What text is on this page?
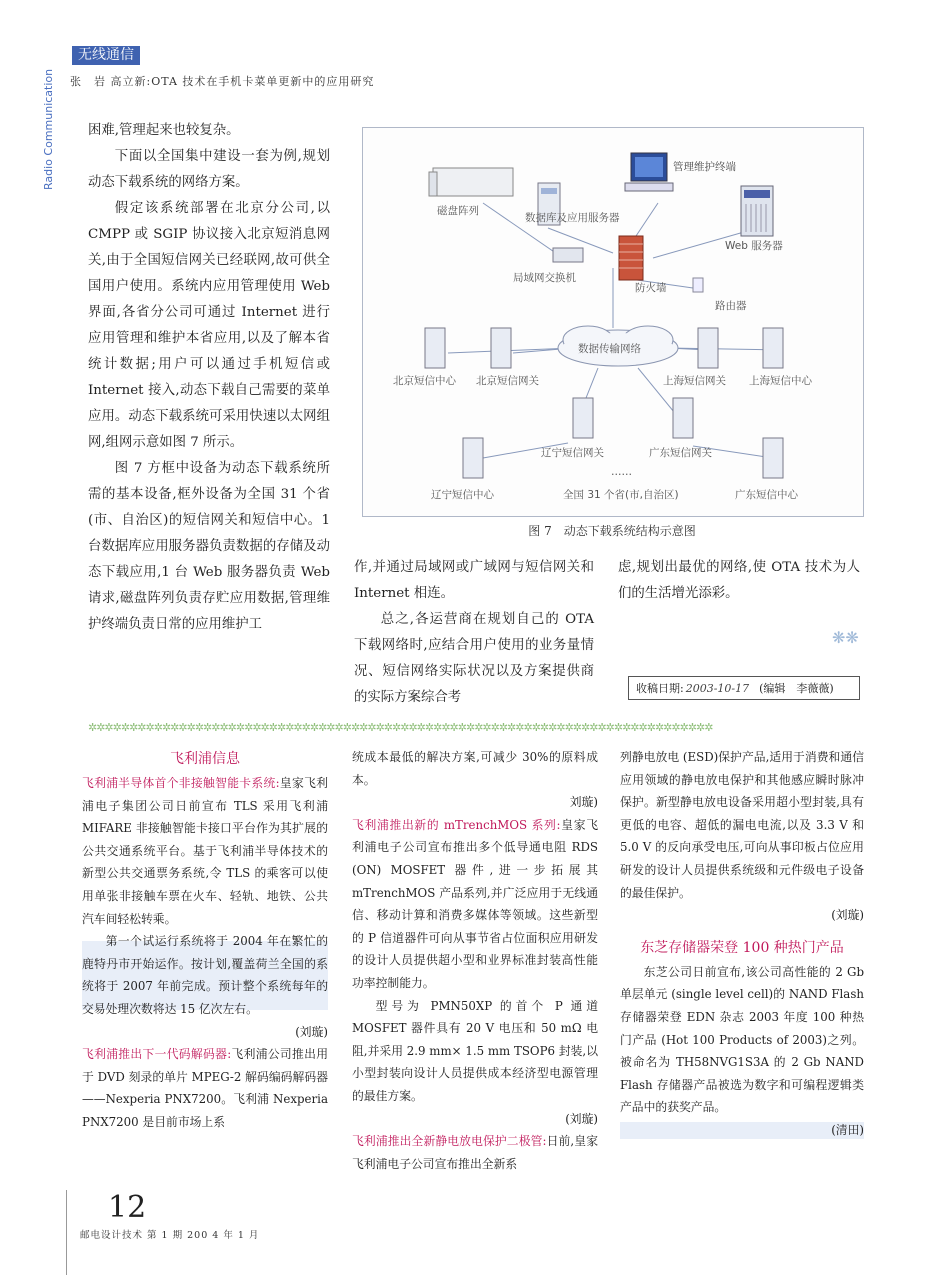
无线通信
张　岩 高立新:OTA 技术在手机卡菜单更新中的应用研究
Radio Communication 困难,管理起来也较复杂。

下面以全国集中建设一套为例,规划动态下载系统的网络方案。

假定该系统部署在北京分公司,以 CMPP 或 SGIP 协议接入北京短消息网关,由于全国短信网关已经联网,故可供全国用户使用。系统内应用管理使用 Web 界面,各省分公司可通过 Internet 进行应用管理和维护本省应用,以及了解本省统计数据;用户可以通过手机短信或 Internet 接入,动态下载自己需要的菜单应用。动态下载系统可采用快速以太网组网,组网示意如图 7 所示。

图 7 方框中设备为动态下载系统所需的基本设备,框外设备为全国 31 个省 (市、自治区)的短信网关和短信中心。1 台数据库应用服务器负责数据的存储及动态下载应用,1 台 Web 服务器负责 Web 请求,磁盘阵列负责存贮应用数据,管理维护终端负责日常的应用维护工

磁盘阵列
管理维护终端
数据库及应用服务器
Web 服务器
局域网交换机
防火墙
路由器
数据传输网络
北京短信中心 北京短信网关	上海短信网关 上海短信中心
辽宁短信网关	广东短信网关
……
辽宁短信中心	全国 31 个省(市,自治区)	广东短信中心
图 7　动态下载系统结构示意图

作,并通过局域网或广域网与短信网关和 Internet 相连。

总之,各运营商在规划自己的 OTA 下载网络时,应结合用户使用的业务量情况、短信网络实际状况以及方案提供商的实际方案综合考

虑,规划出最优的网络,使 OTA 技术为人们的生活增光添彩。

❋❋
收稿日期: 2003-10-17 (编辑　李薇薇)
✲✲✲✲✲✲✲✲✲✲✲✲✲✲✲✲✲✲✲✲✲✲✲✲✲✲✲✲✲✲✲✲✲✲✲✲✲✲✲✲✲✲✲✲✲✲✲✲✲✲✲✲✲✲✲✲✲✲✲✲✲✲✲✲✲✲✲✲✲✲✲✲✲✲✲✲
飞利浦信息

飞利浦半导体首个非接触智能卡系统:皇家飞利浦电子集团公司日前宣布 TLS 采用飞利浦 MIFARE 非接触智能卡接口平台作为其扩展的公共交通系统平台。基于飞利浦半导体技术的新型公共交通票务系统,令 TLS 的乘客可以使用单张非接触车票在火车、轻轨、地铁、公共汽车间轻松转乘。

第一个试运行系统将于 2004 年在繁忙的鹿特丹市开始运作。按计划,覆盖荷兰全国的系统将于 2007 年前完成。预计整个系统每年的交易处理次数将达 15 亿次左右。

(刘璇)

飞利浦推出下一代码解码器:飞利浦公司推出用于 DVD 刻录的单片 MPEG-2 解码编码解码器——Nexperia PNX7200。飞利浦 Nexperia PNX7200 是目前市场上系

统成本最低的解决方案,可减少 30%的原料成本。

刘璇)

飞利浦推出新的 mTrenchMOS 系列:皇家飞利浦电子公司宣布推出多个低导通电阻 RDS (ON) MOSFET 器件,进一步拓展其 mTrenchMOS 产品系列,并广泛应用于无线通信、移动计算和消费多媒体等领域。这些新型的 P 信道器件可向从事节省占位面积应用研发的设计人员提供超小型和业界标准封装高性能功率控制能力。

型号为 PMN50XP 的首个 P 通道 MOSFET 器件具有 20 V 电压和 50 mΩ 电阻,并采用 2.9 mm× 1.5 mm TSOP6 封装,以小型封装向设计人员提供成本经济型电源管理的最佳方案。

(刘璇)

飞利浦推出全新静电放电保护二极管:日前,皇家飞利浦电子公司宣布推出全新系

列静电放电 (ESD)保护产品,适用于消费和通信应用领域的静电放电保护和其他感应瞬时脉冲保护。新型静电放电设备采用超小型封装,具有更低的电容、超低的漏电电流,以及 3.3 V 和 5.0 V 的反向承受电压,可向从事印板占位应用研发的设计人员提供系统级和元件级电子设备的最佳保护。

(刘璇)
东芝存储器荣登 100 种热门产品

东芝公司日前宣布,该公司高性能的 2 Gb 单层单元 (single level cell)的 NAND Flash 存储器荣登 EDN 杂志 2003 年度 100 种热门产品 (Hot 100 Products of 2003)之列。被命名为 TH58NVG1S3A 的 2 Gb NAND Flash 存储器产品被选为数字和可编程逻辑类产品中的获奖产品。

(清田)
12
邮电设计技术 第 1 期 200 4 年 1 月
